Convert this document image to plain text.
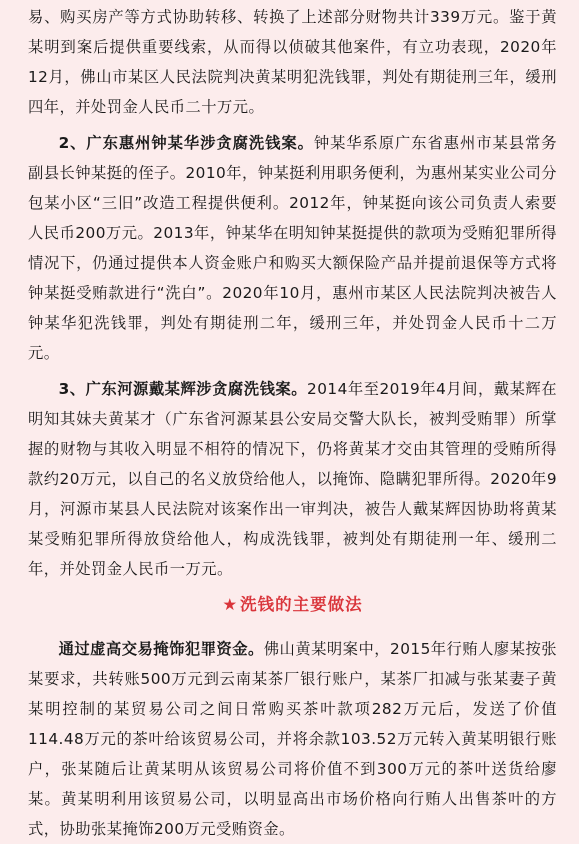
易、购买房产等方式协助转移、转换了上述部分财物共计339万元。鉴于黄某明到案后提供重要线索，从而得以侦破其他案件，有立功表现，2020年12月，佛山市某区人民法院判决黄某明犯洗钱罪，判处有期徒刑三年，缓刑四年，并处罚金人民币二十万元。

2、广东惠州钟某华涉贪腐洗钱案。钟某华系原广东省惠州市某县常务副县长钟某挺的侄子。2010年，钟某挺利用职务便利，为惠州某实业公司分包某小区“三旧”改造工程提供便利。2012年，钟某挺向该公司负责人索要人民币200万元。2013年，钟某华在明知钟某挺提供的款项为受贿犯罪所得情况下，仍通过提供本人资金账户和购买大额保险产品并提前退保等方式将钟某挺受贿款进行“洗白”。2020年10月，惠州市某区人民法院判决被告人钟某华犯洗钱罪，判处有期徒刑二年，缓刑三年，并处罚金人民币十二万元。

3、广东河源戴某辉涉贪腐洗钱案。2014年至2019年4月间，戴某辉在明知其妹夫黄某才（广东省河源某县公安局交警大队长，被判受贿罪）所掌握的财物与其收入明显不相符的情况下，仍将黄某才交由其管理的受贿所得款约20万元，以自己的名义放贷给他人，以掩饰、隐瞒犯罪所得。2020年9月，河源市某县人民法院对该案作出一审判决，被告人戴某辉因协助将黄某某受贿犯罪所得放贷给他人，构成洗钱罪，被判处有期徒刑一年、缓刑二年，并处罚金人民币一万元。

★ 洗钱的主要做法

通过虚高交易掩饰犯罪资金。佛山黄某明案中，2015年行贿人廖某按张某要求，共转账500万元到云南某茶厂银行账户，某茶厂扣减与张某妻子黄某明控制的某贸易公司之间日常购买茶叶款项282万元后，发送了价值114.48万元的茶叶给该贸易公司，并将余款103.52万元转入黄某明银行账户，张某随后让黄某明从该贸易公司将价值不到300万元的茶叶送货给廖某。黄某明利用该贸易公司，以明显高出市场价格向行贿人出售茶叶的方式，协助张某掩饰200万元受贿资金。
